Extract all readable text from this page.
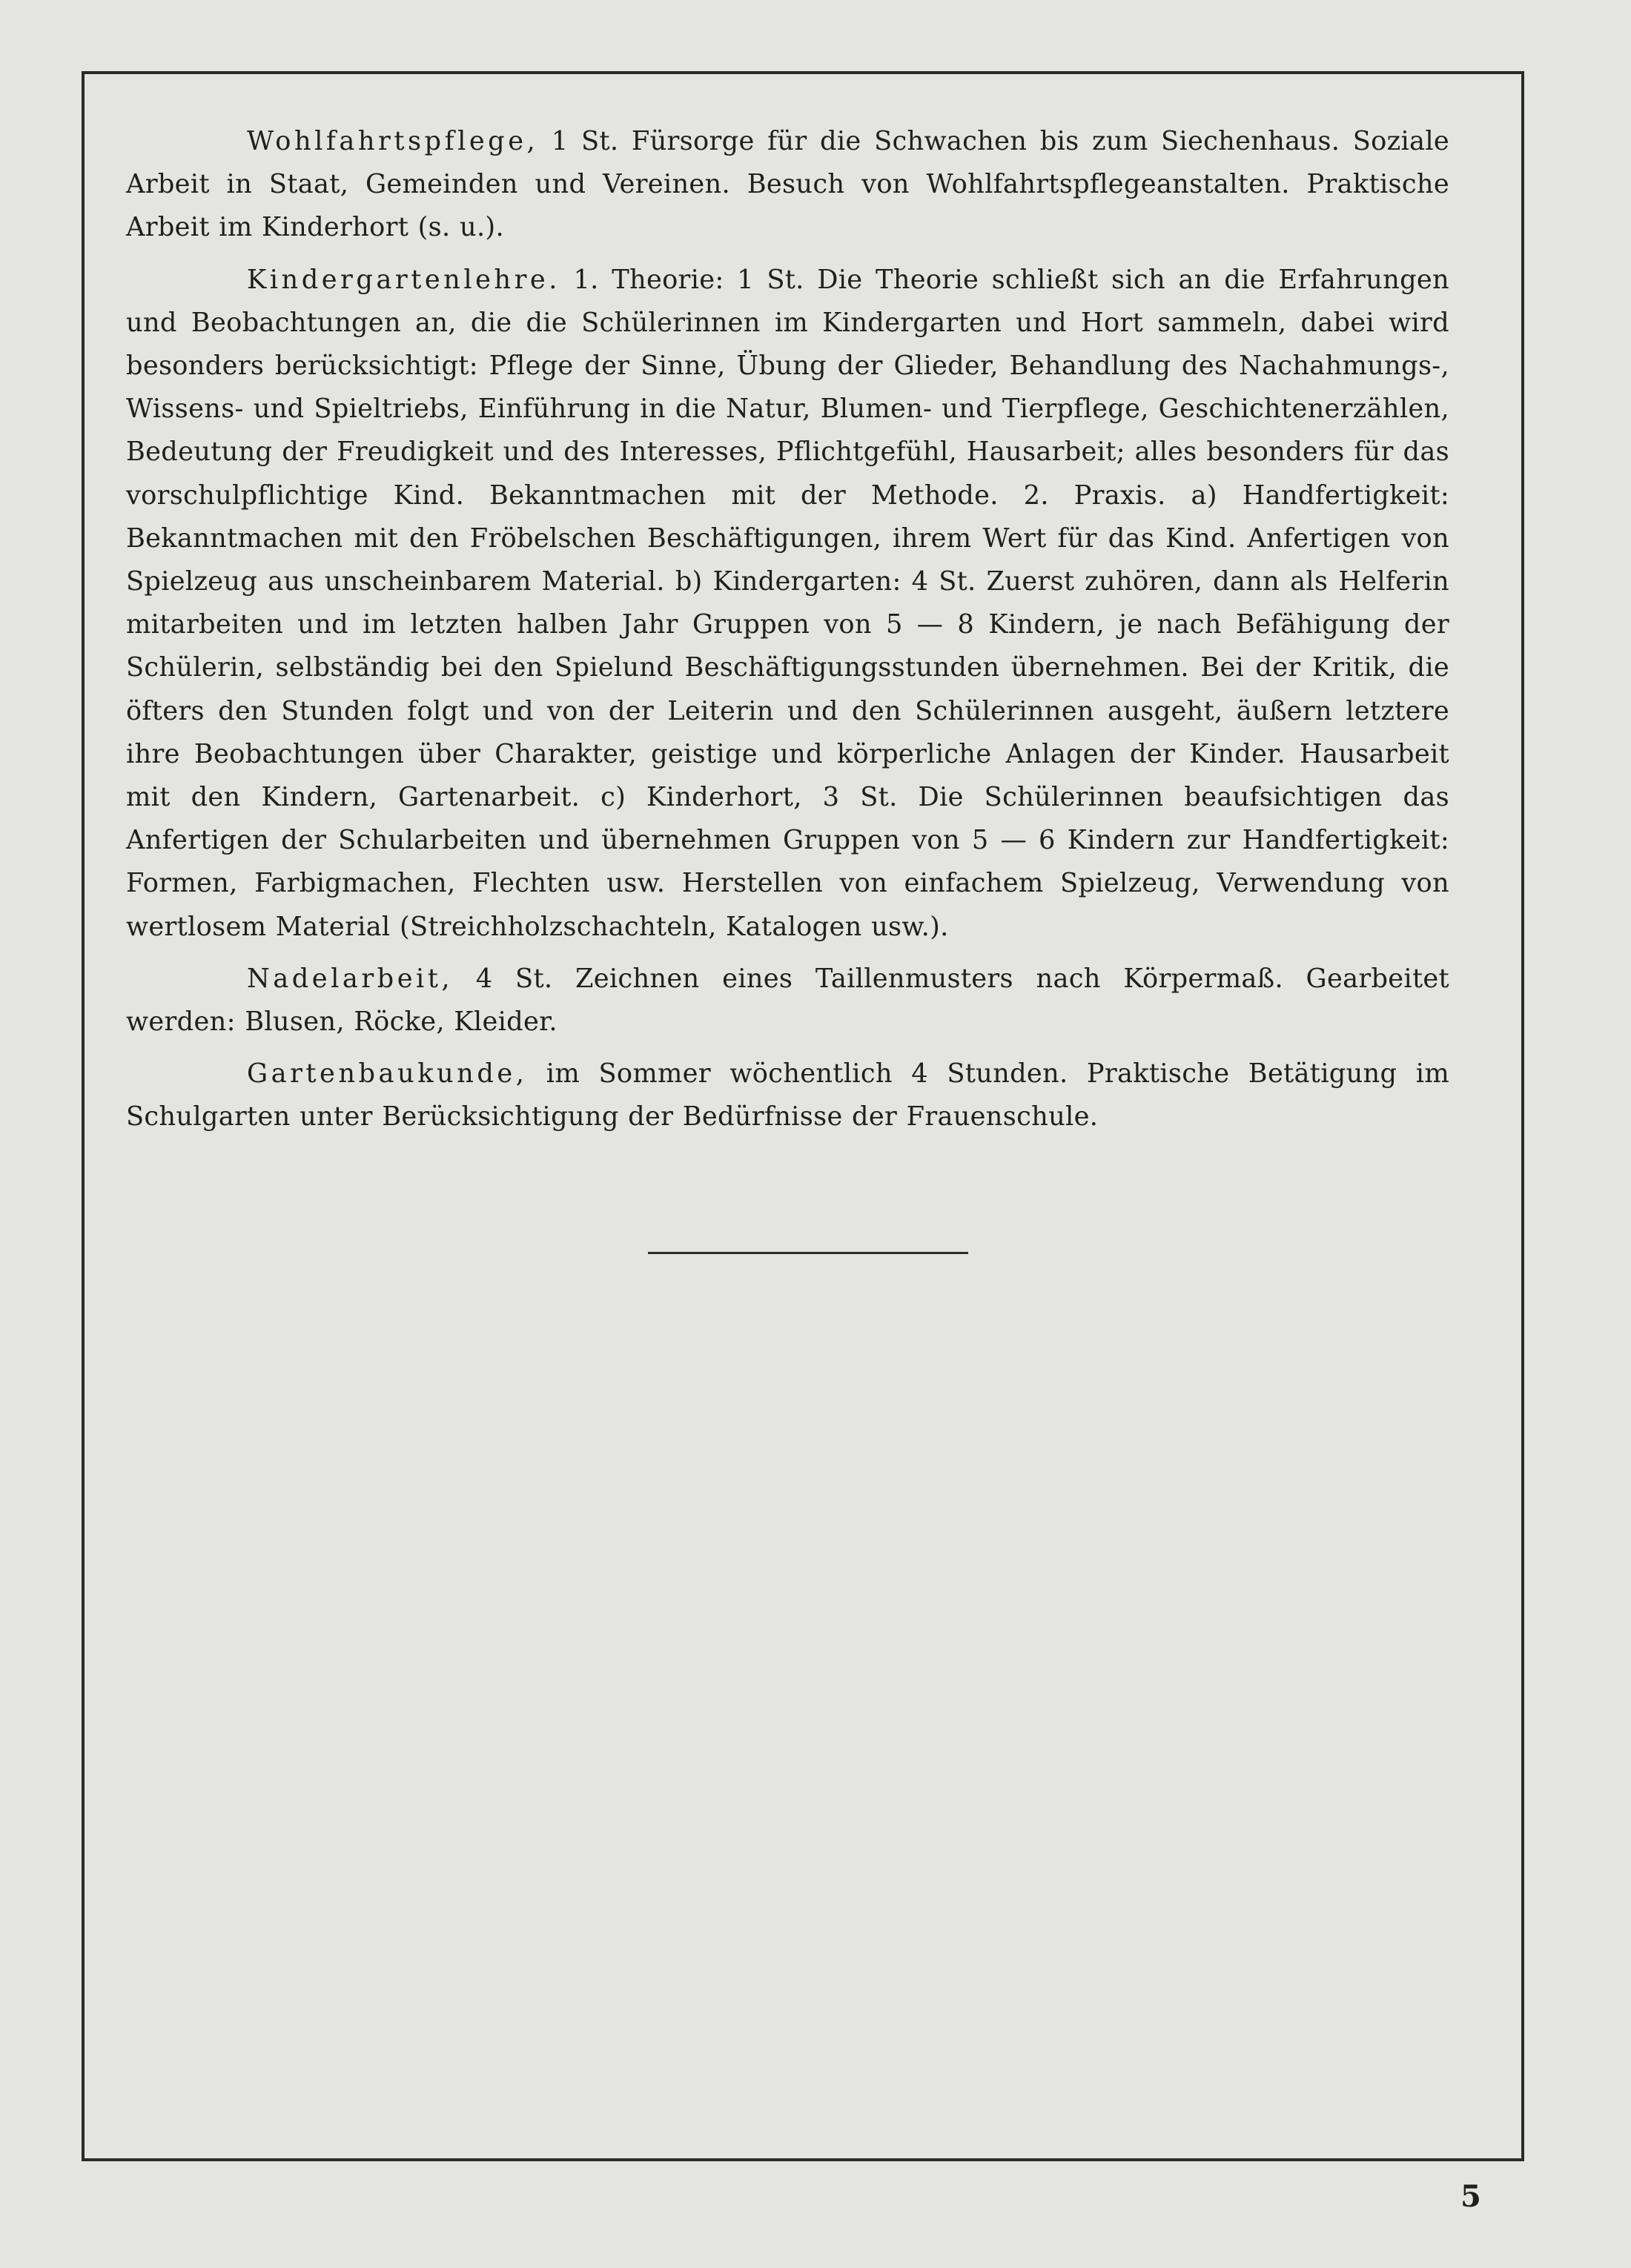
Wohlfahrtspflege, 1 St. Fürsorge für die Schwachen bis zum Siechenhaus. Soziale Arbeit in Staat, Gemeinden und Vereinen. Besuch von Wohlfahrtspflegeanstalten. Praktische Arbeit im Kinderhort (s. u.).

Kindergartenlehre. 1. Theorie: 1 St. Die Theorie schließt sich an die Erfahrungen und Beobachtungen an, die die Schülerinnen im Kindergarten und Hort sammeln, dabei wird besonders berücksichtigt: Pflege der Sinne, Übung der Glieder, Behandlung des Nachahmungs-, Wissens- und Spieltriebs, Einführung in die Natur, Blumen- und Tierpflege, Geschichtenerzählen, Bedeutung der Freudigkeit und des Interesses, Pflichtgefühl, Hausarbeit; alles besonders für das vorschulpflichtige Kind. Bekanntmachen mit der Methode. 2. Praxis. a) Handfertigkeit: Bekanntmachen mit den Fröbelschen Beschäftigungen, ihrem Wert für das Kind. Anfertigen von Spielzeug aus unscheinbarem Material. b) Kindergarten: 4 St. Zuerst zuhören, dann als Helferin mitarbeiten und im letzten halben Jahr Gruppen von 5 — 8 Kindern, je nach Befähigung der Schülerin, selbständig bei den Spielund Beschäftigungsstunden übernehmen. Bei der Kritik, die öfters den Stunden folgt und von der Leiterin und den Schülerinnen ausgeht, äußern letztere ihre Beobachtungen über Charakter, geistige und körperliche Anlagen der Kinder. Hausarbeit mit den Kindern, Gartenarbeit. c) Kinderhort, 3 St. Die Schülerinnen beaufsichtigen das Anfertigen der Schularbeiten und übernehmen Gruppen von 5 — 6 Kindern zur Handfertigkeit: Formen, Farbigmachen, Flechten usw. Herstellen von einfachem Spielzeug, Verwendung von wertlosem Material (Streichholzschachteln, Katalogen usw.).

Nadelarbeit, 4 St. Zeichnen eines Taillenmusters nach Körpermaß. Gearbeitet werden: Blusen, Röcke, Kleider.

Gartenbaukunde, im Sommer wöchentlich 4 Stunden. Praktische Betätigung im Schulgarten unter Berücksichtigung der Bedürfnisse der Frauenschule.

5
